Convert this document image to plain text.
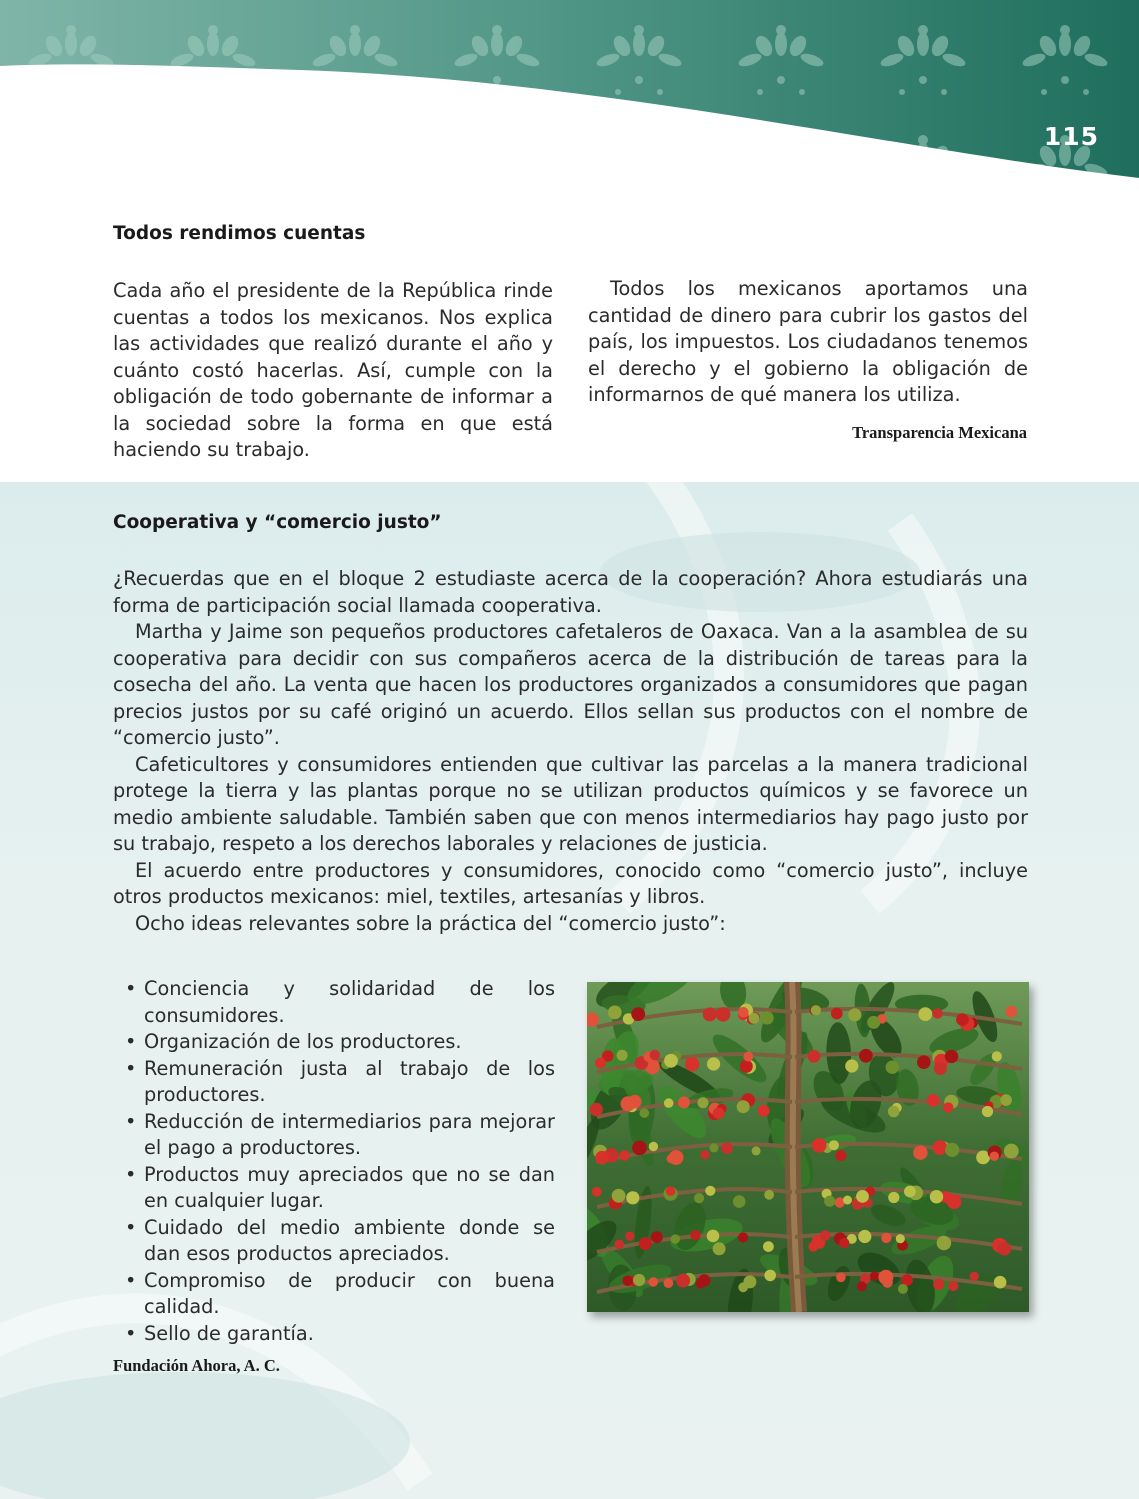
115
Todos rendimos cuentas
Cada año el presidente de la República rinde cuentas a todos los mexicanos. Nos explica las actividades que realizó durante el año y cuánto costó hacerlas. Así, cumple con la obligación de todo gobernante de informar a la sociedad sobre la forma en que está haciendo su trabajo.
Todos los mexicanos aportamos una cantidad de dinero para cubrir los gastos del país, los impuestos. Los ciudadanos tenemos el derecho y el gobierno la obligación de informarnos de qué manera los utiliza.
Transparencia Mexicana
Cooperativa y “comercio justo”

¿Recuerdas que en el bloque 2 estudiaste acerca de la cooperación? Ahora estudiarás una forma de participación social llamada cooperativa.

Martha y Jaime son pequeños productores cafetaleros de Oaxaca. Van a la asamblea de su cooperativa para decidir con sus compañeros acerca de la distribución de tareas para la cosecha del año. La venta que hacen los productores organizados a consumidores que pagan precios justos por su café originó un acuerdo. Ellos sellan sus productos con el nombre de “comercio justo”.

Cafeticultores y consumidores entienden que cultivar las parcelas a la manera tradicional protege la tierra y las plantas porque no se utilizan productos químicos y se favorece un medio ambiente saludable. También saben que con menos intermediarios hay pago justo por su trabajo, respeto a los derechos laborales y relaciones de justicia.

El acuerdo entre productores y consumidores, conocido como “comercio justo”, incluye otros productos mexicanos: miel, textiles, artesanías y libros.

Ocho ideas relevantes sobre la práctica del “comercio justo”:

• Conciencia y solidaridad de los consumidores.
• Organización de los productores.
• Remuneración justa al trabajo de los productores.
• Reducción de intermediarios para mejorar el pago a productores.
• Productos muy apreciados que no se dan en cualquier lugar.
• Cuidado del medio ambiente donde se dan esos productos apreciados.
• Compromiso de producir con buena calidad.
• Sello de garantía.
Fundación Ahora, A. C.
